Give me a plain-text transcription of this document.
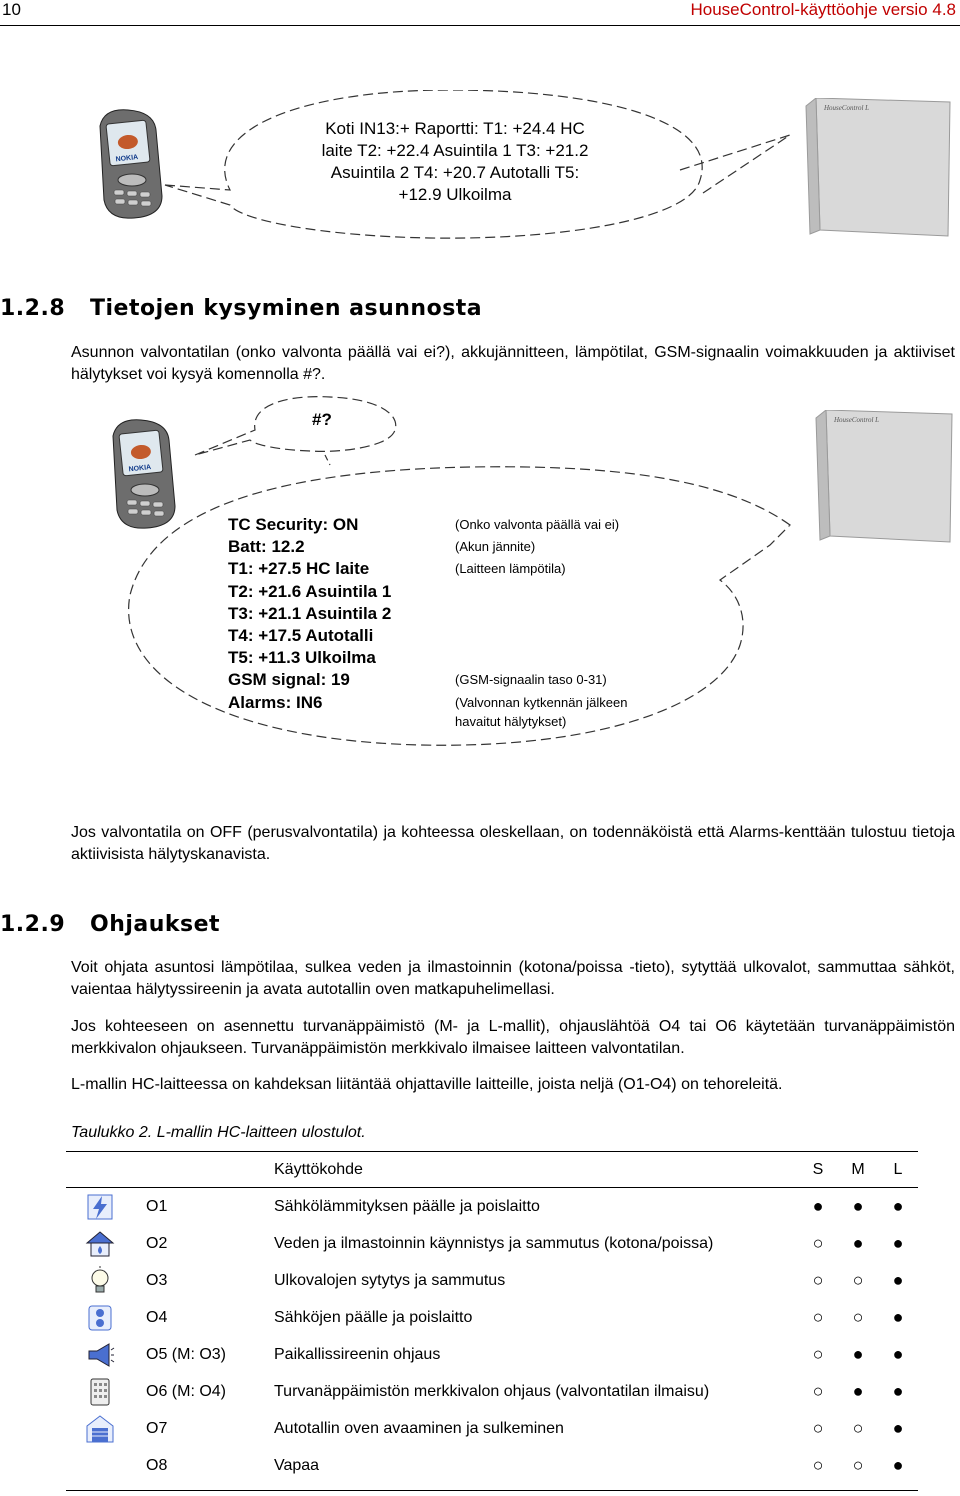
10	HouseControl-käyttöohje versio 4.8
NOKIA
HouseControl L
Koti IN13:+ Raportti: T1: +24.4 HC
laite T2: +22.4 Asuintila 1 T3: +21.2
Asuintila 2 T4: +20.7 Autotalli T5:
+12.9 Ulkoilma
1.2.8 Tietojen kysyminen asunnosta
Asunnon valvontatilan (onko valvonta päällä vai ei?), akkujännitteen, lämpötilat, GSM-signaalin voimakkuuden ja aktiiviset hälytykset voi kysyä komennolla #?.
NOKIA
HouseControl L
#?
TC Security: ON
Batt: 12.2
T1: +27.5 HC laite
T2: +21.6 Asuintila 1
T3: +21.1 Asuintila 2
T4: +17.5 Autotalli
T5: +11.3 Ulkoilma
GSM signal: 19
Alarms: IN6
(Onko valvonta päällä vai ei)
(Akun jännite)
(Laitteen lämpötila)
(GSM-signaalin taso 0-31)
(Valvonnan kytkennän jälkeen
havaitut hälytykset)
Jos valvontatila on OFF (perusvalvontatila) ja kohteessa oleskellaan, on todennäköistä että Alarms-kenttään tulostuu tietoja aktiivisista hälytyskanavista.
1.2.9 Ohjaukset
Voit ohjata asuntosi lämpötilaa, sulkea veden ja ilmastoinnin (kotona/poissa -tieto), sytyttää ulkovalot, sammuttaa sähköt, vaientaa hälytyssireenin ja avata autotallin oven matkapuhelimellasi.
Jos kohteeseen on asennettu turvanäppäimistö (M- ja L-mallit), ohjauslähtöä O4 tai O6 käytetään turvanäppäimistön merkkivalon ohjaukseen. Turvanäppäimistön merkkivalo ilmaisee laitteen valvontatilan.
L-mallin HC-laitteessa on kahdeksan liitäntää ohjattaville laitteille, joista neljä (O1-O4) on tehoreleitä.
Taulukko 2. L-mallin HC-laitteen ulostulot.
		Käyttökohde	S	M	L
	O1	Sähkölämmityksen päälle ja poislaitto	●	●	●
	O2	Veden ja ilmastoinnin käynnistys ja sammutus (kotona/poissa)	○	●	●
	O3	Ulkovalojen sytytys ja sammutus	○	○	●
	O4	Sähköjen päälle ja poislaitto	○	○	●
	O5 (M: O3)	Paikallissireenin ohjaus	○	●	●
	O6 (M: O4)	Turvanäppäimistön merkkivalon ohjaus (valvontatilan ilmaisu)	○	●	●
	O7	Autotallin oven avaaminen ja sulkeminen	○	○	●
	O8	Vapaa	○	○	●
